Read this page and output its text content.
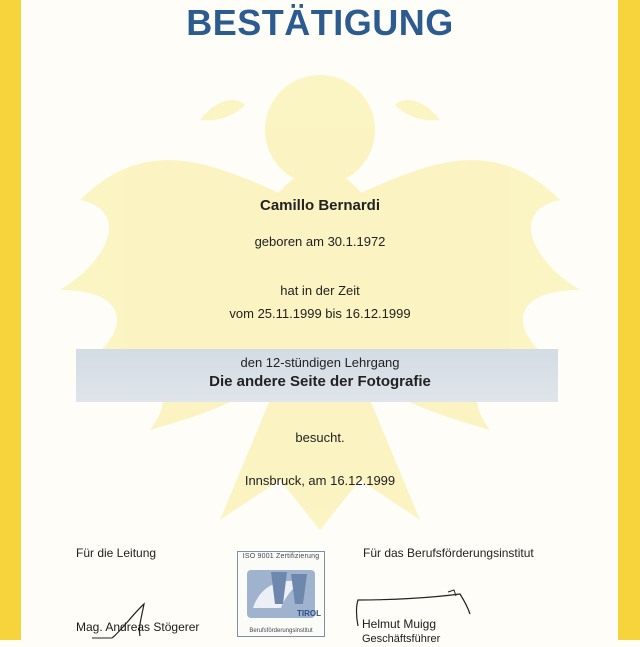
BESTÄTIGUNG
Camillo Bernardi
geboren am 30.1.1972
hat in der Zeit
vom 25.11.1999 bis 16.12.1999
den 12-stündigen Lehrgang
Die andere Seite der Fotografie
besucht.
Innsbruck, am 16.12.1999
Für die Leitung	Für das Berufsförderungsinstitut
Mag. Andreas Stögerer	Helmut Muigg
Geschäftsführer
ISO 9001 Zertifizierung
TIROL
Berufsförderungsinstitut
